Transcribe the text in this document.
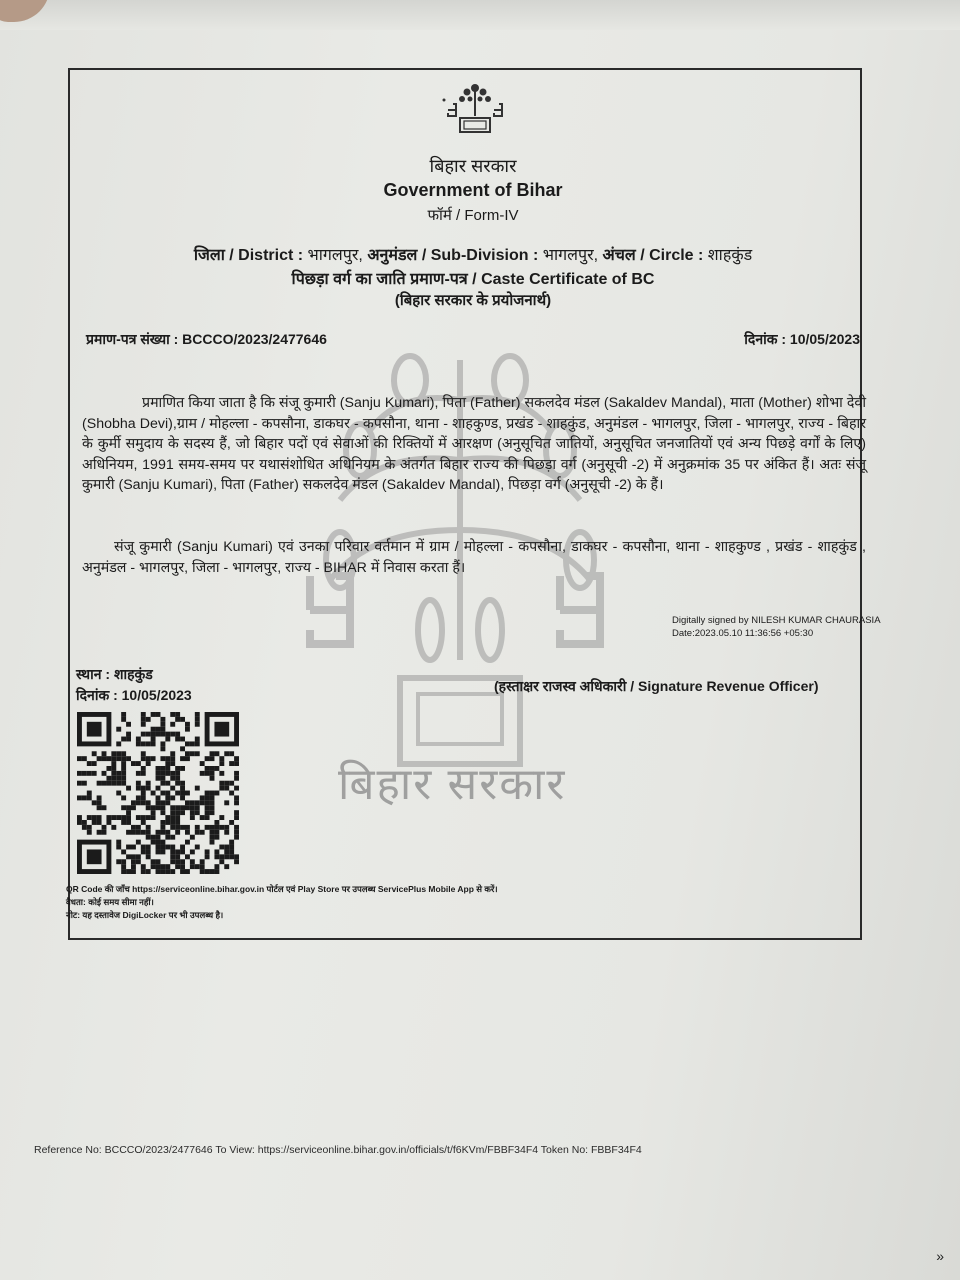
बिहार सरकार
Government of Bihar
फॉर्म / Form-IV
जिला / District : भागलपुर, अनुमंडल / Sub-Division : भागलपुर, अंचल / Circle : शाहकुंड
पिछड़ा वर्ग का जाति प्रमाण-पत्र / Caste Certificate of BC
(बिहार सरकार के प्रयोजनार्थ)
प्रमाण-पत्र संख्या : BCCCO/2023/2477646	दिनांक : 10/05/2023
बिहार सरकार
प्रमाणित किया जाता है कि संजू कुमारी (Sanju Kumari), पिता (Father) सकलदेव मंडल (Sakaldev Mandal), माता (Mother) शोभा देवी (Shobha Devi),ग्राम / मोहल्ला - कपसौना, डाकघर - कपसौना, थाना - शाहकुण्ड, प्रखंड - शाहकुंड, अनुमंडल - भागलपुर, जिला - भागलपुर, राज्य - बिहार के कुर्मी समुदाय के सदस्य हैं, जो बिहार पदों एवं सेवाओं की रिक्तियों में आरक्षण (अनुसूचित जातियों, अनुसूचित जनजातियों एवं अन्य पिछड़े वर्गों के लिए) अधिनियम, 1991 समय-समय पर यथासंशोधित अधिनियम के अंतर्गत बिहार राज्य की पिछड़ा वर्ग (अनुसूची -2) में अनुक्रमांक 35 पर अंकित हैं। अतः संजू कुमारी (Sanju Kumari), पिता (Father) सकलदेव मंडल (Sakaldev Mandal), पिछड़ा वर्ग (अनुसूची -2) के हैं।
संजू कुमारी (Sanju Kumari) एवं उनका परिवार वर्तमान में ग्राम / मोहल्ला - कपसौना, डाकघर - कपसौना, थाना - शाहकुण्ड , प्रखंड - शाहकुंड , अनुमंडल - भागलपुर, जिला - भागलपुर, राज्य - BIHAR में निवास करता हैं।
Digitally signed by NILESH KUMAR CHAURASIA
Date:2023.05.10 11:36:56 +05:30
स्थान : शाहकुंड
दिनांक : 10/05/2023
(हस्ताक्षर राजस्व अधिकारी / Signature Revenue Officer)
QR Code की जाँच https://serviceonline.bihar.gov.in पोर्टल एवं Play Store पर उपलब्ध ServicePlus Mobile App से करें।
वैधता: कोई समय सीमा नहीं।
नोट: यह दस्तावेज DigiLocker पर भी उपलब्ध है।
Reference No: BCCCO/2023/2477646 To View: https://serviceonline.bihar.gov.in/officials/t/f6KVm/FBBF34F4 Token No: FBBF34F4
»
